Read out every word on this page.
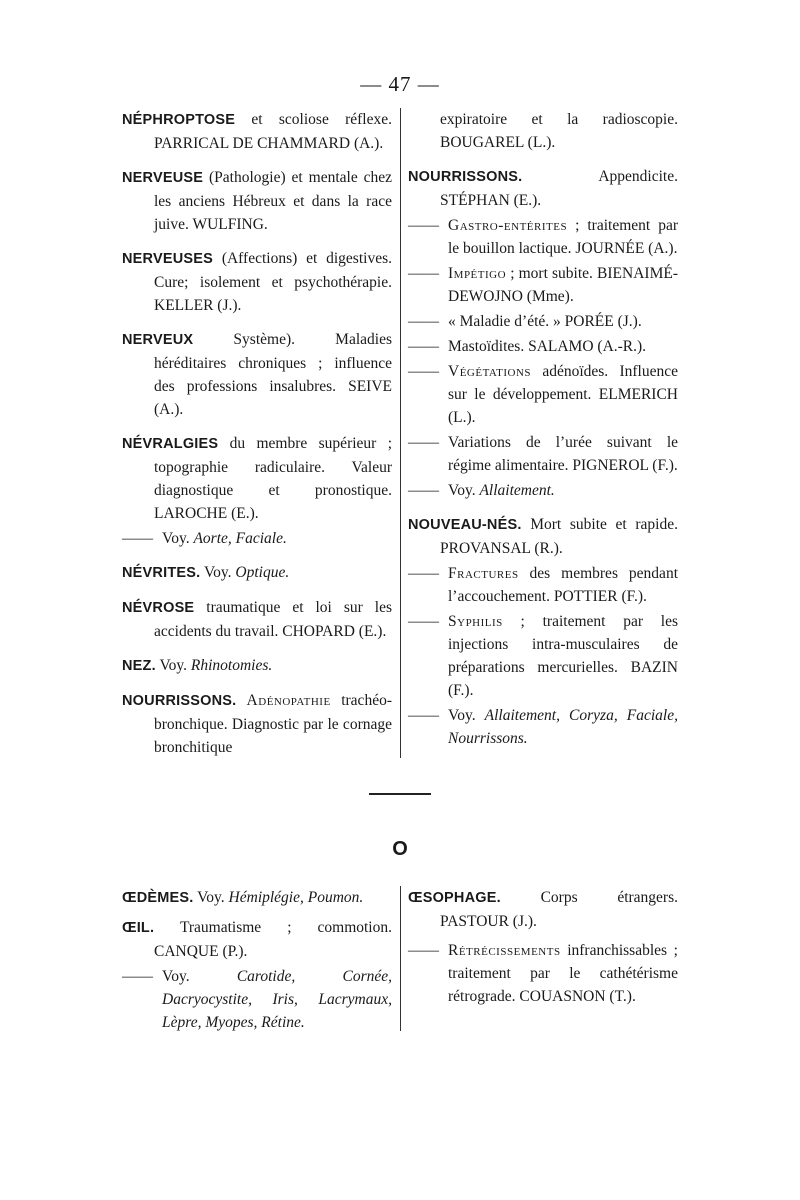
— 47 —
NÉPHROPTOSE et scoliose réflexe. PARRICAL DE CHAMMARD (A.).
NERVEUSE (Pathologie) et mentale chez les anciens Hébreux et dans la race juive. WULFING.
NERVEUSES (Affections) et digestives. Cure; isolement et psychothérapie. KELLER (J.).
NERVEUX Système). Maladies héréditaires chroniques ; influence des professions insalubres. SEIVE (A.).
NÉVRALGIES du membre supérieur ; topographie radiculaire. Valeur diagnostique et pronostique. LAROCHE (E.).
—— Voy. Aorte, Faciale.
NÉVRITES. Voy. Optique.
NÉVROSE traumatique et loi sur les accidents du travail. CHOPARD (E.).
NEZ. Voy. Rhinotomies.
NOURRISSONS. Adénopathie trachéo-bronchique. Diagnostic par le cornage bronchitique
expiratoire et la radioscopie. BOUGAREL (L.).
NOURRISSONS. Appendicite. STÉPHAN (E.).
—— Gastro-entérites ; traitement par le bouillon lactique. JOURNÉE (A.).
—— Impétigo ; mort subite. BIENAIMÉ-DEWOJNO (Mme).
—— « Maladie d’été. » PORÉE (J.).
—— Mastoïdites. SALAMO (A.-R.).
—— Végétations adénoïdes. Influence sur le développement. ELMERICH (L.).
—— Variations de l’urée suivant le régime alimentaire. PIGNEROL (F.).
—— Voy. Allaitement.
NOUVEAU-NÉS. Mort subite et rapide. PROVANSAL (R.).
—— Fractures des membres pendant l’accouchement. POTTIER (F.).
—— Syphilis ; traitement par les injections intra-musculaires de préparations mercurielles. BAZIN (F.).
—— Voy. Allaitement, Coryza, Faciale, Nourrissons.
O
ŒDÈMES. Voy. Hémiplégie, Poumon.
ŒIL. Traumatisme ; commotion. CANQUE (P.).
—— Voy. Carotide, Cornée, Dacryocystite, Iris, Lacrymaux, Lèpre, Myopes, Rétine.
ŒSOPHAGE. Corps étrangers. PASTOUR (J.).
—— Rétrécissements infranchissables ; traitement par le cathétérisme rétrograde. COUASNON (T.).
